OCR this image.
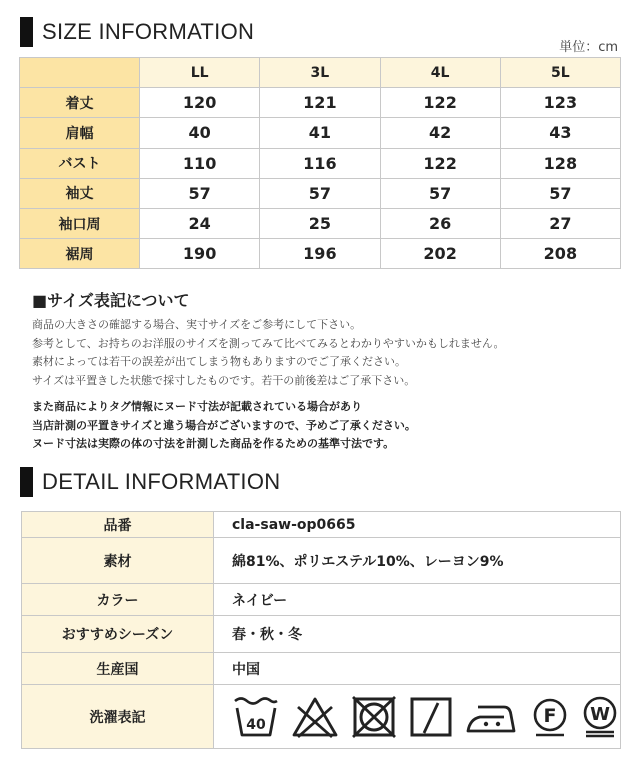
SIZE INFORMATION
単位：cm
	LL	3L	4L	5L
着丈	120	121	122	123
肩幅	40	41	42	43
バスト	110	116	122	128
袖丈	57	57	57	57
袖口周	24	25	26	27
裾周	190	196	202	208
■サイズ表記について
商品の大きさの確認する場合、実寸サイズをご参考にして下さい。
参考として、お持ちのお洋服のサイズを測ってみて比べてみるとわかりやすいかもしれません。
素材によっては若干の誤差が出てしまう物もありますのでご了承ください。
サイズは平置きした状態で採寸したものです。若干の前後差はご了承下さい。
また商品によりタグ情報にヌード寸法が記載されている場合があり
当店計測の平置きサイズと違う場合がございますので、予めご了承ください。
ヌード寸法は実際の体の寸法を計測した商品を作るための基準寸法です。
DETAIL INFORMATION
品番	cla-saw-op0665
素材	綿81%、ポリエステル10%、レーヨン9%
カラー	ネイビー
おすすめシーズン	春・秋・冬
生産国	中国
洗濯表記	40 F W
